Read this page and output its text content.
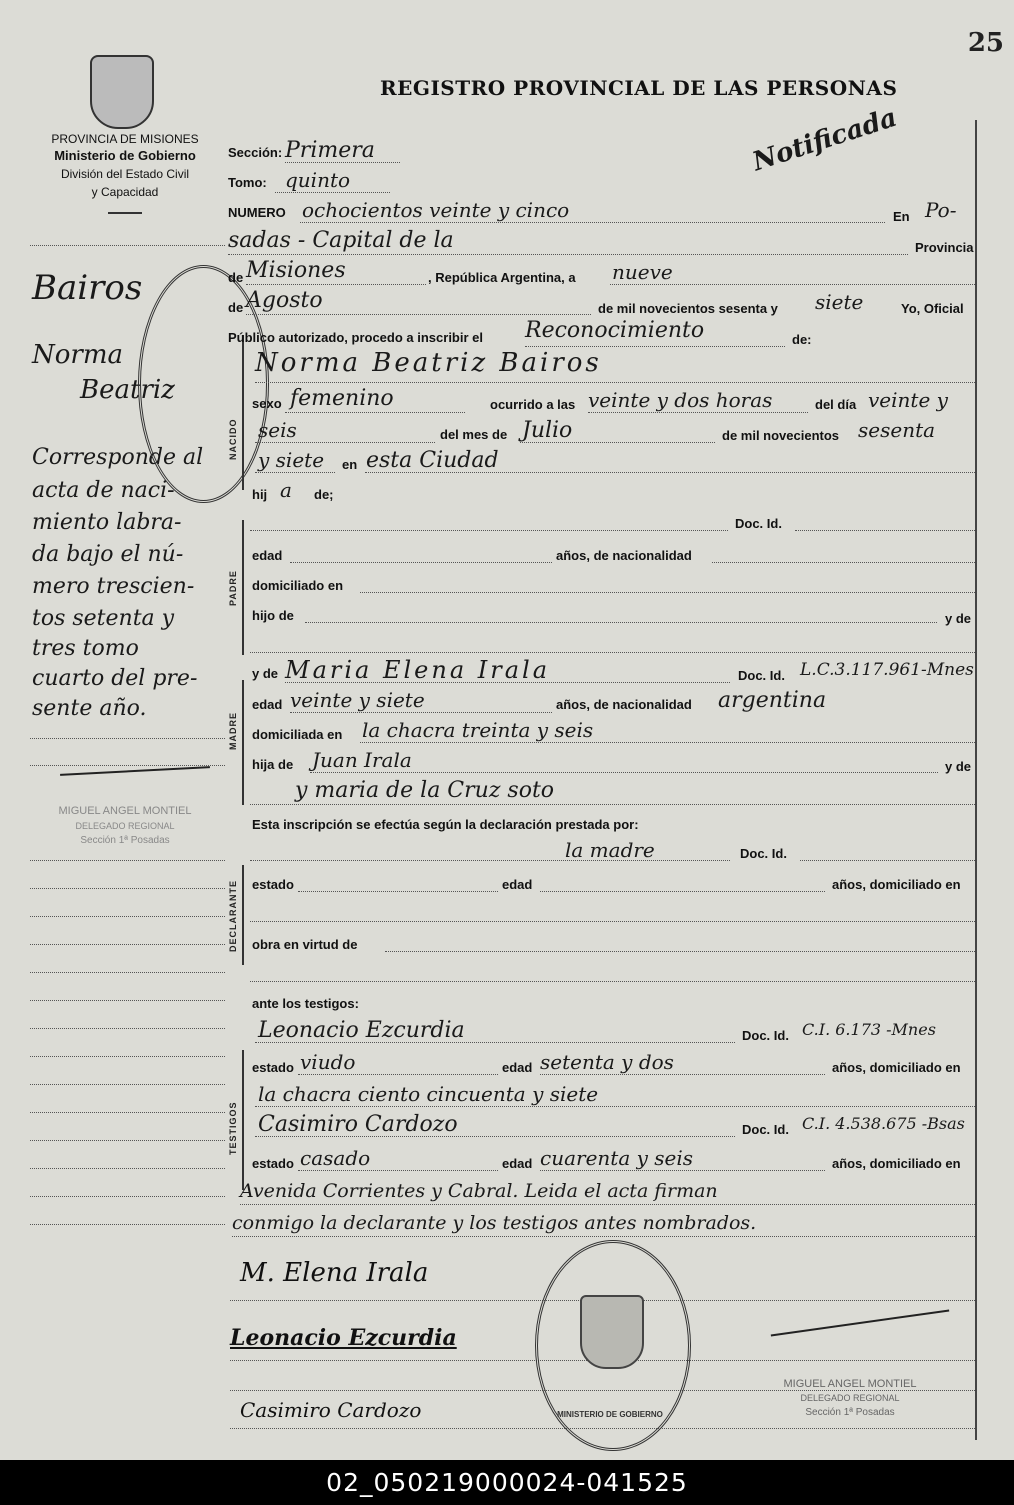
25
REGISTRO PROVINCIAL DE LAS PERSONAS
PROVINCIA DE MISIONES
Ministerio de Gobierno
División del Estado Civil
y Capacidad
Notificada
Bairos
Norma
Beatriz
Corresponde al
acta de naci-
miento labra-
da bajo el nú-
mero trescien-
tos setenta y
tres tomo
cuarto del pre-
sente año.
MIGUEL ANGEL MONTIEL
DELEGADO REGIONAL
Sección 1ª Posadas
NACIDO
PADRE
MADRE
DECLARANTE
TESTIGOS
Sección: Primera
Tomo: quinto
NUMERO ochocientos veinte y cinco	En Po-
sadas - Capital de la	Provincia
de Misiones	, República Argentina, a nueve
de Agosto	de mil novecientos sesenta y siete	Yo, Oficial
Público autorizado, procedo a inscribir el Reconocimiento	de:
Norma Beatriz Bairos
sexo femenino	ocurrido a las veinte y dos horas	del día veinte y
seis	del mes de Julio	de mil novecientos sesenta
y siete en esta Ciudad
hij a de;
Doc. Id.
edad	años, de nacionalidad
domiciliado en
hijo de	y de
y de Maria Elena Irala	Doc. Id. L.C.3.117.961-Mnes
edad veinte y siete	años, de nacionalidad argentina
domiciliada en la chacra treinta y seis
hija de Juan Irala	y de
y maria de la Cruz soto
Esta inscripción se efectúa según la declaración prestada por:
la madre	Doc. Id.
estado	edad	años, domiciliado en
obra en virtud de
ante los testigos:
Leonacio Ezcurdia	Doc. Id. C.I. 6.173 -Mnes
estado viudo	edad setenta y dos	años, domiciliado en
la chacra ciento cincuenta y siete
Casimiro Cardozo	Doc. Id. C.I. 4.538.675 -Bsas
estado casado	edad cuarenta y seis	años, domiciliado en
Avenida Corrientes y Cabral. Leida el acta firman
conmigo la declarante y los testigos antes nombrados.
M. Elena Irala
Leonacio Ezcurdia
Casimiro Cardozo	MINISTERIO DE GOBIERNO
MIGUEL ANGEL MONTIEL
DELEGADO REGIONAL
Sección 1ª Posadas
02_050219000024-041525
